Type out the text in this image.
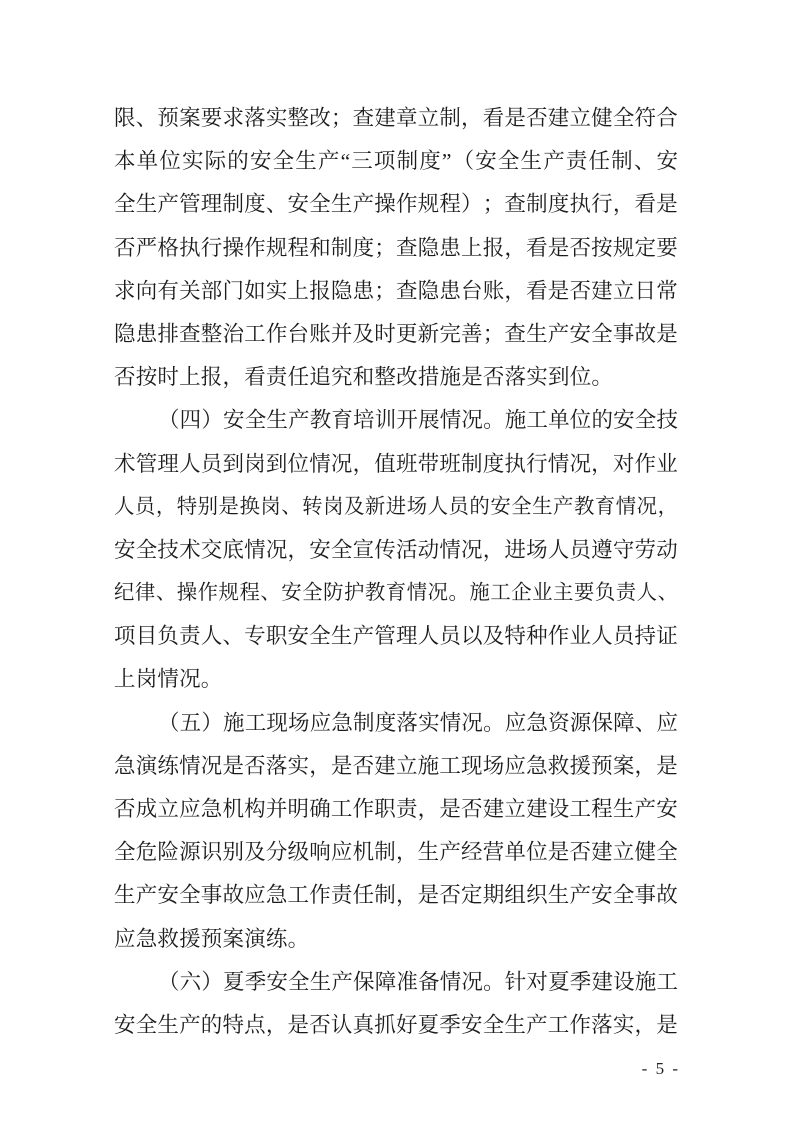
限 、 预 案 要 求 落 实 整 改 ； 查 建 章 立 制 ， 看 是 否 建 立 健 全 符 合
本 单 位 实 际 的 安 全 生 产 “ 三 项 制 度 ” （ 安 全 生 产 责 任 制 、 安
全 生 产 管 理 制 度 、 安 全 生 产 操 作 规 程 ） ； 查 制 度 执 行 ， 看 是
否 严 格 执 行 操 作 规 程 和 制 度 ； 查 隐 患 上 报 ， 看 是 否 按 规 定 要
求 向 有 关 部 门 如 实 上 报 隐 患 ； 查 隐 患 台 账 ， 看 是 否 建 立 日 常
隐 患 排 查 整 治 工 作 台 账 并 及 时 更 新 完 善 ； 查 生 产 安 全 事 故 是
否按时上报，看责任追究和整改措施是否落实到位。
（ 四 ） 安 全 生 产 教 育 培 训 开 展 情 况 。 施 工 单 位 的 安 全 技
术 管 理 人 员 到 岗 到 位 情 况 ， 值 班 带 班 制 度 执 行 情 况 ， 对 作 业
人 员 ， 特 别 是 换 岗 、 转 岗 及 新 进 场 人 员 的 安 全 生 产 教 育 情 况 ，
安 全 技 术 交 底 情 况 ， 安 全 宣 传 活 动 情 况 ， 进 场 人 员 遵 守 劳 动
纪 律 、 操 作 规 程 、 安 全 防 护 教 育 情 况 。 施 工 企 业 主 要 负 责 人 、
项 目 负 责 人 、 专 职 安 全 生 产 管 理 人 员 以 及 特 种 作 业 人 员 持 证
上岗情况。
（ 五 ） 施 工 现 场 应 急 制 度 落 实 情 况 。 应 急 资 源 保 障 、 应
急 演 练 情 况 是 否 落 实 ， 是 否 建 立 施 工 现 场 应 急 救 援 预 案 ， 是
否 成 立 应 急 机 构 并 明 确 工 作 职 责 ， 是 否 建 立 建 设 工 程 生 产 安
全 危 险 源 识 别 及 分 级 响 应 机 制 ， 生 产 经 营 单 位 是 否 建 立 健 全
生 产 安 全 事 故 应 急 工 作 责 任 制 ， 是 否 定 期 组 织 生 产 安 全 事 故
应急救援预案演练。
（ 六 ） 夏 季 安 全 生 产 保 障 准 备 情 况 。 针 对 夏 季 建 设 施 工
安 全 生 产 的 特 点 ， 是 否 认 真 抓 好 夏 季 安 全 生 产 工 作 落 实 ， 是
- 5 -
